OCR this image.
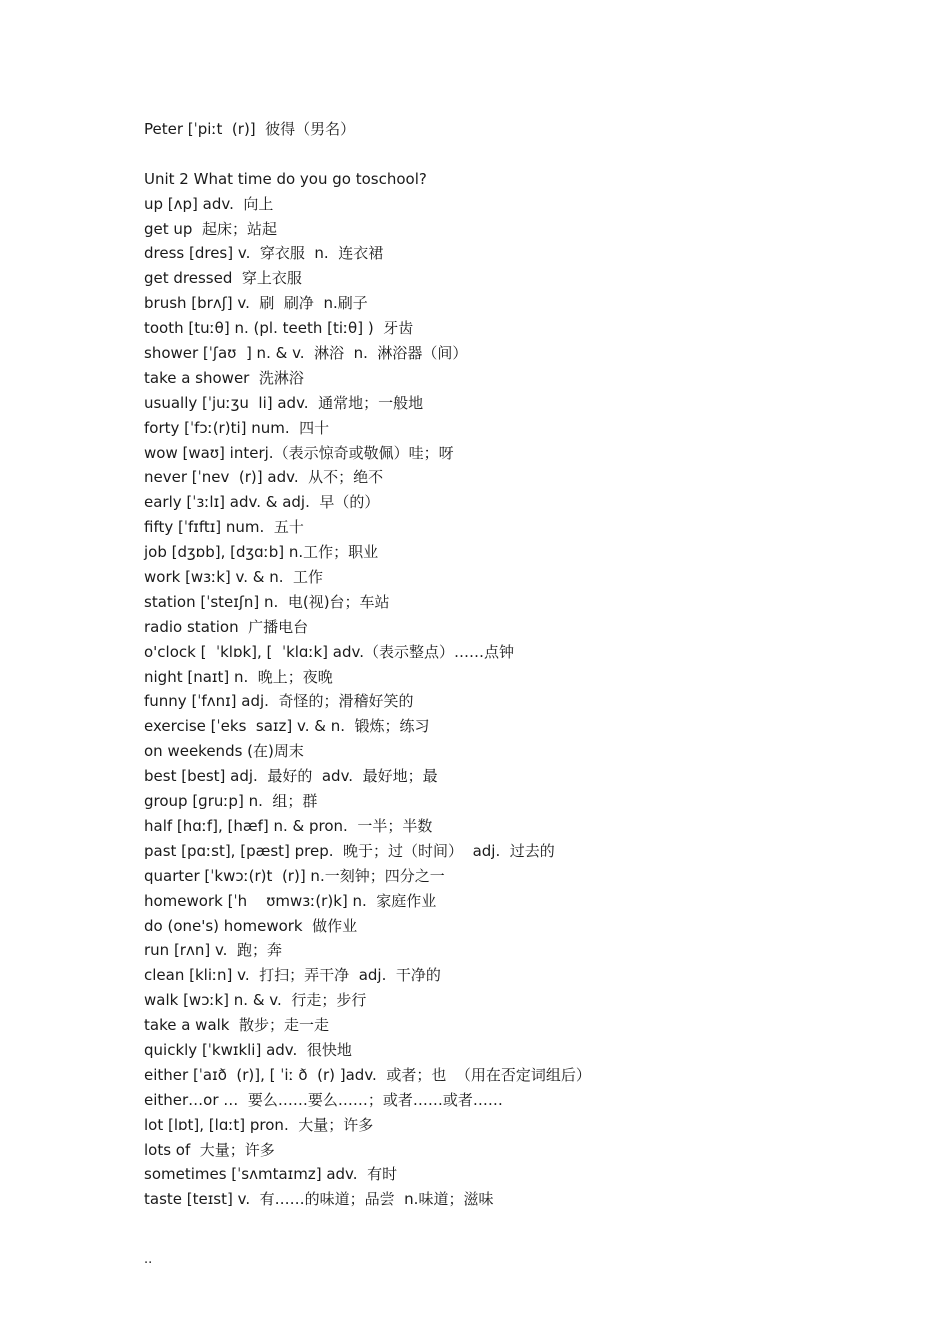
Peter [ˈpiːt  (r)]  彼得（男名）
Unit 2 What time do you go toschool?
up [ʌp] adv.  向上
get up  起床；站起
dress [dres] v.  穿衣服  n.  连衣裙
get dressed  穿上衣服
brush [brʌʃ] v.  刷  刷净  n.刷子
tooth [tuːθ] n. (pl. teeth [tiːθ] )  牙齿
shower [ˈʃaʊ  ] n. & v.  淋浴  n.  淋浴器（间）
take a shower  洗淋浴
usually [ˈjuːʒu  li] adv.  通常地；一般地
forty [ˈfɔː(r)ti] num.  四十
wow [waʊ] interj.（表示惊奇或敬佩）哇；呀
never [ˈnev  (r)] adv.  从不；绝不
early [ˈɜːlɪ] adv. & adj.  早（的）
fifty [ˈfɪftɪ] num.  五十
job [dʒɒb], [dʒɑːb] n.工作；职业
work [wɜːk] v. & n.  工作
station [ˈsteɪʃn] n.  电(视)台；车站
radio station  广播电台
o'clock [  ˈklɒk], [  ˈklɑːk] adv.（表示整点）……点钟
night [naɪt] n.  晚上；夜晚
funny [ˈfʌnɪ] adj.  奇怪的；滑稽好笑的
exercise [ˈeks  saɪz] v. & n.  锻炼；练习
on weekends (在)周末
best [best] adj.  最好的  adv.  最好地；最
group [ɡruːp] n.  组；群
half [hɑːf], [hæf] n. & pron.  一半；半数
past [pɑːst], [pæst] prep.  晚于；过（时间）  adj.  过去的
quarter [ˈkwɔː(r)t  (r)] n.一刻钟；四分之一
homework [ˈh    ʊmwɜː(r)k] n.  家庭作业
do (one's) homework  做作业
run [rʌn] v.  跑；奔
clean [kliːn] v.  打扫；弄干净  adj.  干净的
walk [wɔːk] n. & v.  行走；步行
take a walk  散步；走一走
quickly [ˈkwɪkli] adv.  很快地
either [ˈaɪð  (r)], [ ˈiː ð  (r) ]adv.  或者；也  （用在否定词组后）
either…or …  要么……要么……；或者……或者……
lot [lɒt], [lɑːt] pron.  大量；许多
lots of  大量；许多
sometimes [ˈsʌmtaɪmz] adv.  有时
taste [teɪst] v.  有……的味道；品尝  n.味道；滋味
..
